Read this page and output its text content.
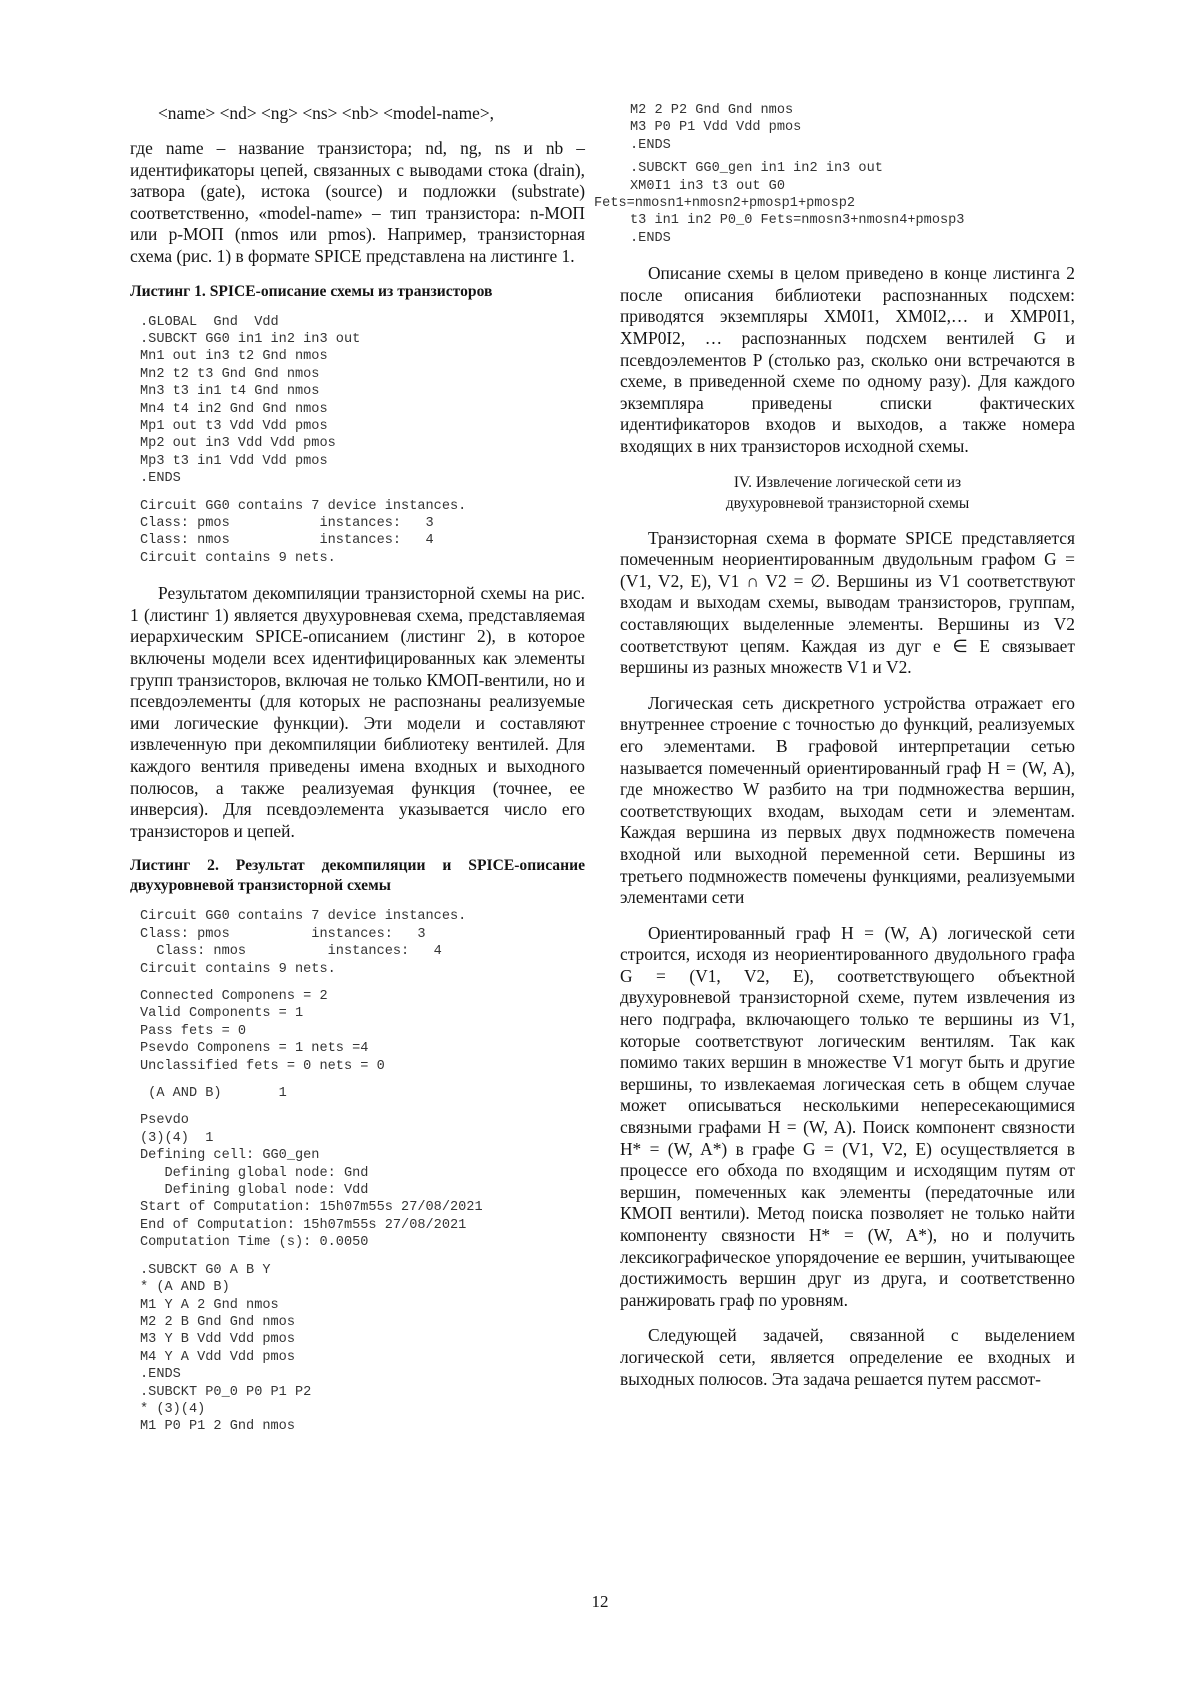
<name> <nd> <ng> <ns> <nb> <model-name>,

где name – название транзистора; nd, ng, ns и nb – идентификаторы цепей, связанных с выводами стока (drain), затвора (gate), истока (source) и подложки (substrate) соответственно, «model-name» – тип транзистора: n-МОП или p-МОП (nmos или pmos). Например, транзисторная схема (рис. 1) в формате SPICE представлена на листинге 1.

Листинг 1. SPICE-описание схемы из транзисторов
.GLOBAL  Gnd  Vdd
.SUBCKT GG0 in1 in2 in3 out
Mn1 out in3 t2 Gnd nmos
Mn2 t2 t3 Gnd Gnd nmos
Mn3 t3 in1 t4 Gnd nmos
Mn4 t4 in2 Gnd Gnd nmos
Mp1 out t3 Vdd Vdd pmos
Mp2 out in3 Vdd Vdd pmos
Mp3 t3 in1 Vdd Vdd pmos
.ENDS
Circuit GG0 contains 7 device instances.
Class: pmos           instances:   3
Class: nmos           instances:   4
Circuit contains 9 nets.

Результатом декомпиляции транзисторной схемы на рис. 1 (листинг 1) является двухуровневая схема, представляемая иерархическим SPICE-описанием (листинг 2), в которое включены модели всех идентифицированных как элементы групп транзисторов, включая не только КМОП-вентили, но и псевдоэлементы (для которых не распознаны реализуемые ими логические функции). Эти модели и составляют извлеченную при декомпиляции библиотеку вентилей. Для каждого вентиля приведены имена входных и выходного полюсов, а также реализуемая функция (точнее, ее инверсия). Для псевдоэлемента указывается число его транзисторов и цепей.

Листинг 2. Результат декомпиляции и SPICE-описание двухуровневой транзисторной схемы
Circuit GG0 contains 7 device instances.
Class: pmos          instances:   3
Class: nmos          instances:   4
Circuit contains 9 nets.
Connected Componens = 2
Valid Components = 1
Pass fets = 0
Psevdo Componens = 1 nets =4
Unclassified fets = 0 nets = 0
(A AND B)       1
Psevdo
(3)(4)  1
Defining cell: GG0_gen
Defining global node: Gnd
Defining global node: Vdd
Start of Computation: 15h07m55s 27/08/2021
End of Computation: 15h07m55s 27/08/2021
Computation Time (s): 0.0050
.SUBCKT G0 A B Y
* (A AND B)
M1 Y A 2 Gnd nmos
M2 2 B Gnd Gnd nmos
M3 Y B Vdd Vdd pmos
M4 Y A Vdd Vdd pmos
.ENDS
.SUBCKT P0_0 P0 P1 P2
* (3)(4)
M1 P0 P1 2 Gnd nmos
M2 2 P2 Gnd Gnd nmos
M3 P0 P1 Vdd Vdd pmos
.ENDS
.SUBCKT GG0_gen in1 in2 in3 out
XM0I1 in3 t3 out G0

Fets=nmosn1+nmosn2+pmosp1+pmosp2
t3 in1 in2 P0_0 Fets=nmosn3+nmosn4+pmosp3
.ENDS

Описание схемы в целом приведено в конце листинга 2 после описания библиотеки распознанных подсхем: приводятся экземпляры XM0I1, XM0I2,… и XMP0I1, XMP0I2, … распознанных подсхем вентилей G и псевдоэлементов P (столько раз, сколько они встречаются в схеме, в приведенной схеме по одному разу). Для каждого экземпляра приведены списки фактических идентификаторов входов и выходов, а также номера входящих в них транзисторов исходной схемы.

IV. Извлечение логической сети из
двухуровневой транзисторной схемы

Транзисторная схема в формате SPICE представляется помеченным неориентированным двудольным графом G = (V1, V2, E), V1 ∩ V2 = ∅. Вершины из V1 соответствуют входам и выходам схемы, выводам транзисторов, группам, составляющих выделенные элементы. Вершины из V2 соответствуют цепям. Каждая из дуг e ∈ E связывает вершины из разных множеств V1 и V2.

Логическая сеть дискретного устройства отражает его внутреннее строение с точностью до функций, реализуемых его элементами. В графовой интерпретации сетью называется помеченный ориентированный граф H = (W, A), где множество W разбито на три подмножества вершин, соответствующих входам, выходам сети и элементам. Каждая вершина из первых двух подмножеств помечена входной или выходной переменной сети. Вершины из третьего подмножеств помечены функциями, реализуемыми элементами сети

Ориентированный граф H = (W, A) логической сети строится, исходя из неориентированного двудольного графа G = (V1, V2, E), соответствующего объектной двухуровневой транзисторной схеме, путем извлечения из него подграфа, включающего только те вершины из V1, которые соответствуют логическим вентилям. Так как помимо таких вершин в множестве V1 могут быть и другие вершины, то извлекаемая логическая сеть в общем случае может описываться несколькими непересекающимися связными графами H = (W, A). Поиск компонент связности H* = (W, A*) в графе G = (V1, V2, E) осуществляется в процессе его обхода по входящим и исходящим путям от вершин, помеченных как элементы (передаточные или КМОП вентили). Метод поиска позволяет не только найти компоненту связности H* = (W, A*), но и получить лексикографическое упорядочение ее вершин, учитывающее достижимость вершин друг из друга, и соответственно ранжировать граф по уровням.

Следующей задачей, связанной с выделением логической сети, является определение ее входных и выходных полюсов. Эта задача решается путем рассмот-

12
